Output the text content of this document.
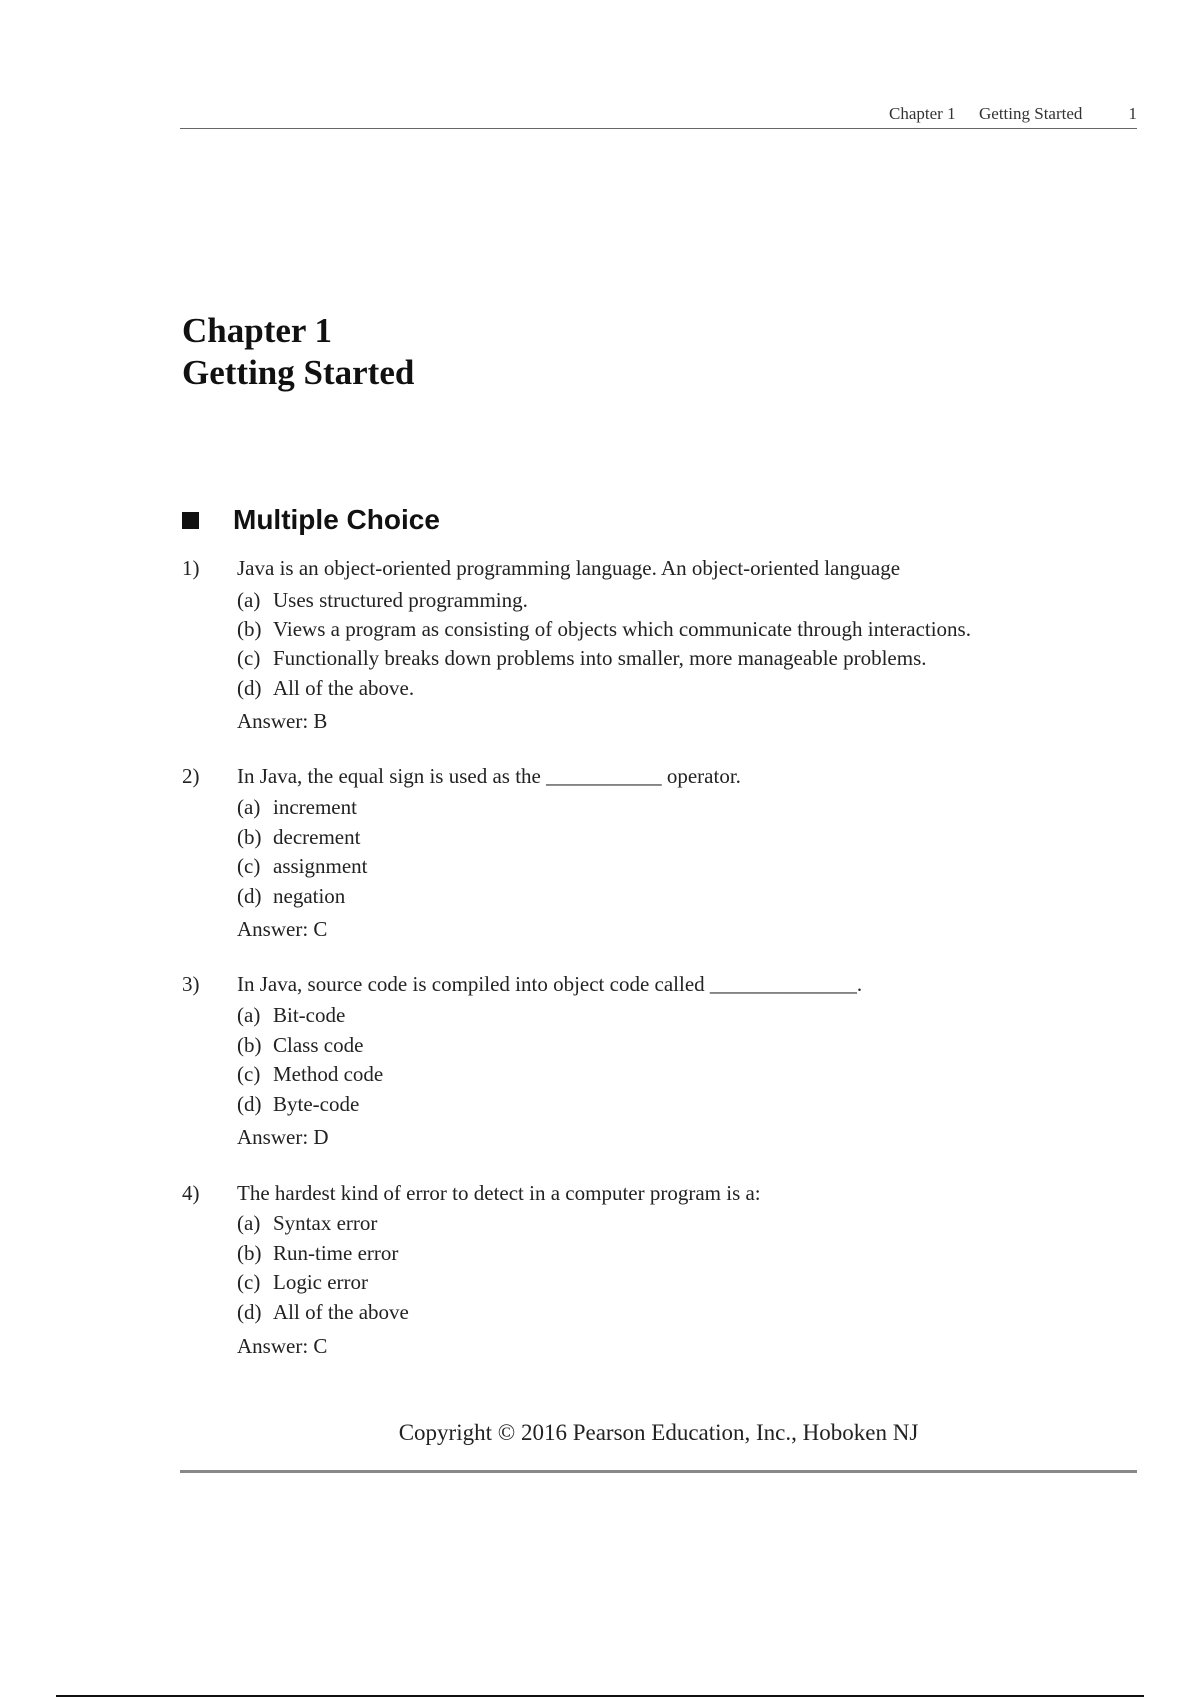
Chapter 1 Getting Started	1
Chapter 1
Getting Started
Multiple Choice
1) Java is an object-oriented programming language. An object-oriented language
(a) Uses structured programming.
(b) Views a program as consisting of objects which communicate through interactions.
(c) Functionally breaks down problems into smaller, more manageable problems.
(d) All of the above.
Answer: B
2) In Java, the equal sign is used as the ___________ operator.
(a) increment
(b) decrement
(c) assignment
(d) negation
Answer: C
3) In Java, source code is compiled into object code called ______________.
(a) Bit-code
(b) Class code
(c) Method code
(d) Byte-code
Answer: D
4) The hardest kind of error to detect in a computer program is a:
(a) Syntax error
(b) Run-time error
(c) Logic error
(d) All of the above
Answer: C
Copyright © 2016 Pearson Education, Inc., Hoboken NJ
